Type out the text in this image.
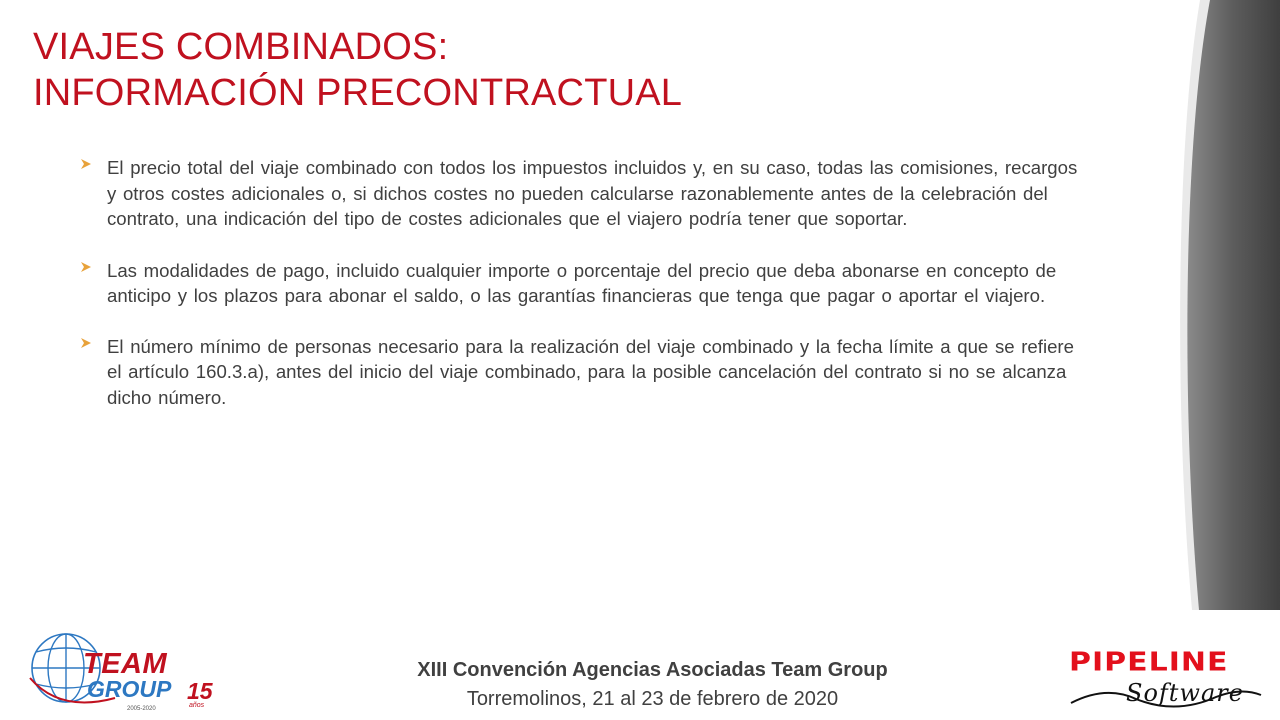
VIAJES COMBINADOS:
INFORMACIÓN PRECONTRACTUAL
El precio total del viaje combinado con todos los impuestos incluidos y, en su caso, todas las comisiones, recargos y otros costes adicionales o, si dichos costes no pueden calcularse razonablemente antes de la celebración del contrato, una indicación del tipo de costes adicionales que el viajero podría tener que soportar.
Las modalidades de pago, incluido cualquier importe o porcentaje del precio que deba abonarse en concepto de anticipo y los plazos para abonar el saldo, o las garantías financieras que tenga que pagar o aportar el viajero.
El número mínimo de personas necesario para la realización del viaje combinado y la fecha límite a que se refiere el artículo 160.3.a), antes del inicio del viaje combinado, para la posible cancelación del contrato si no se alcanza dicho número.
TEAM
GROUP 15
años
2005-2020
XIII Convención Agencias Asociadas Team Group
Torremolinos, 21 al 23 de febrero de 2020
PIPELINE
Software
